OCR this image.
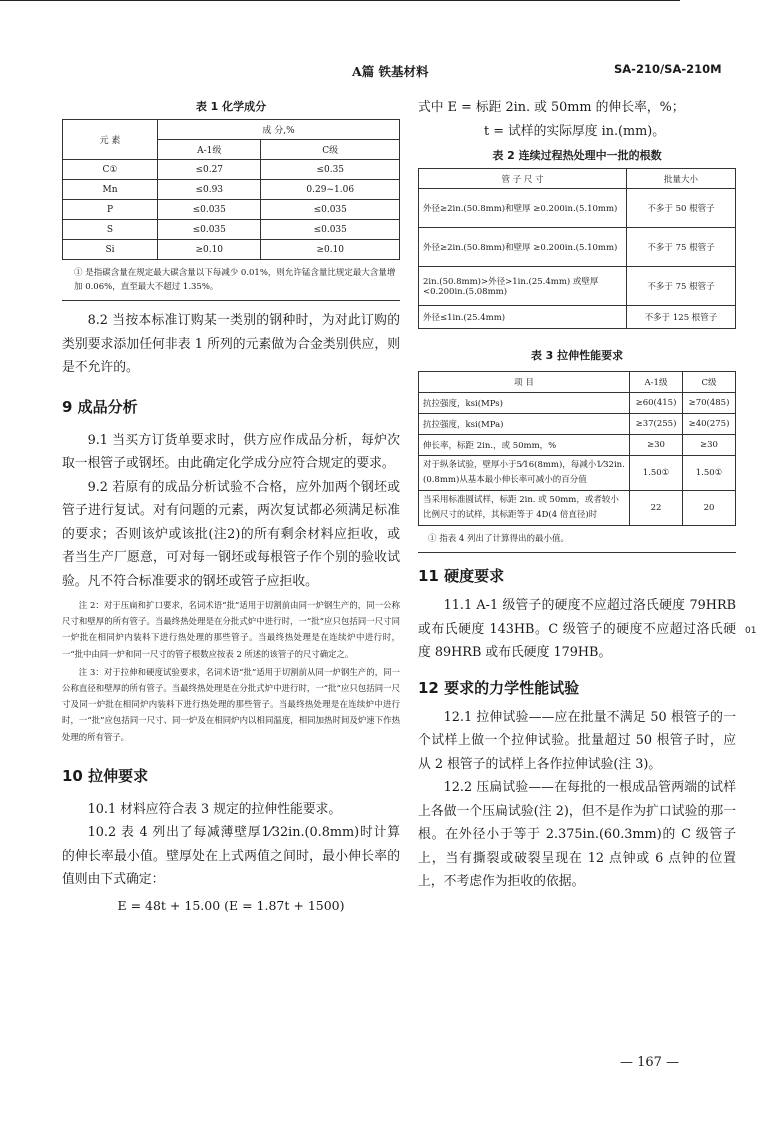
A篇 铁基材料	SA-210/SA-210M
表 1 化学成分
元 素	成 分,%	
	A-1级	C级
C①	≤0.27	≤0.35
Mn	≤0.93	0.29~1.06
P	≤0.035	≤0.035
S	≤0.035	≤0.035
Si	≥0.10	≥0.10
① 是指碳含量在规定最大碳含量以下每减少 0.01%，则允许锰含量比规定最大含量增加 0.06%，直至最大不超过 1.35%。

8.2 当按本标准订购某一类别的钢种时，为对此订购的类别要求添加任何非表 1 所列的元素做为合金类别供应，则是不允许的。

9 成品分析

9.1 当买方订货单要求时，供方应作成品分析，每炉次取一根管子或钢坯。由此确定化学成分应符合规定的要求。

9.2 若原有的成品分析试验不合格，应外加两个钢坯或管子进行复试。对有问题的元素，两次复试都必须满足标准的要求；否则该炉或该批(注2)的所有剩余材料应拒收，或者当生产厂愿意，可对每一钢坯或每根管子作个别的验收试验。凡不符合标准要求的钢坯或管子应拒收。

注 2：对于压扁和扩口要求，名词术语“批”适用于切割前由同一炉钢生产的，同一公称尺寸和壁厚的所有管子。当最终热处理是在分批式炉中进行时，一“批”应只包括同一尺寸同一炉批在相同炉内装料下进行热处理的那些管子。当最终热处理是在连续炉中进行时，一“批中由同一炉和同一尺寸的管子根数应按表 2 所述的该管子的尺寸确定之。

注 3：对于拉伸和硬度试验要求，名词术语“批”适用于切割前从同一炉钢生产的，同一公称直径和壁厚的所有管子。当最终热处理是在分批式炉中进行时，一“批”应只包括同一尺寸及同一炉批在相同炉内装料下进行热处理的那些管子。当最终热处理是在连续炉中进行时，一“批”应包括同一尺寸、同一炉及在相同炉内以相同温度，相同加热时间及炉速下作热处理的所有管子。

10 拉伸要求

10.1 材料应符合表 3 规定的拉伸性能要求。

10.2 表 4 列出了每减薄壁厚1⁄32in.(0.8mm)时计算的伸长率最小值。壁厚处在上式两值之间时，最小伸长率的值则由下式确定：

E = 48t + 15.00 (E = 1.87t + 1500)
式中 E = 标距 2in. 或 50mm 的伸长率，%；
t = 试样的实际厚度 in.(mm)。
表 2 连续过程热处理中一批的根数
管 子 尺 寸	批量大小
外径≥2in.(50.8mm)和壁厚 ≥0.200in.(5.10mm)	不多于 50 根管子
外径≥2in.(50.8mm)和壁厚 ≥0.200in.(5.10mm)	不多于 75 根管子
2in.(50.8mm)>外径>1in.(25.4mm) 或壁厚<0.200in.(5.08mm)	不多于 75 根管子
外径≤1in.(25.4mm)	不多于 125 根管子
表 3 拉伸性能要求
项 目	A-1级	C级
抗拉强度，ksi(MPs)	≥60(415)	≥70(485)
抗拉强度，ksi(MPa)	≥37(255)	≥40(275)
伸长率，标距 2in.，或 50mm，%	≥30	≥30
对于纵条试验，壁厚小于5⁄16(8mm)，每减小1⁄32in.(0.8mm)从基本最小伸长率可减小的百分值	1.50①	1.50①
当采用标准圆试样，标距 2in. 或 50mm，或者较小比例尺寸的试样，其标距等于 4D(4 倍直径)时	22	20
① 指表 4 列出了计算得出的最小值。
11 硬度要求

11.1 A-1 级管子的硬度不应超过洛氏硬度 79HRB 或布氏硬度 143HB。C 级管子的硬度不应超过洛氏硬度 89HRB 或布氏硬度 179HB。

12 要求的力学性能试验

12.1 拉伸试验——应在批量不满足 50 根管子的一个试样上做一个拉伸试验。批量超过 50 根管子时，应从 2 根管子的试样上各作拉伸试验(注 3)。

12.2 压扁试验——在每批的一根成品管两端的试样上各做一个压扁试验(注 2)，但不是作为扩口试验的那一根。在外径小于等于 2.375in.(60.3mm)的 C 级管子上，当有撕裂或破裂呈现在 12 点钟或 6 点钟的位置上，不考虑作为拒收的依据。

01
— 167 —
